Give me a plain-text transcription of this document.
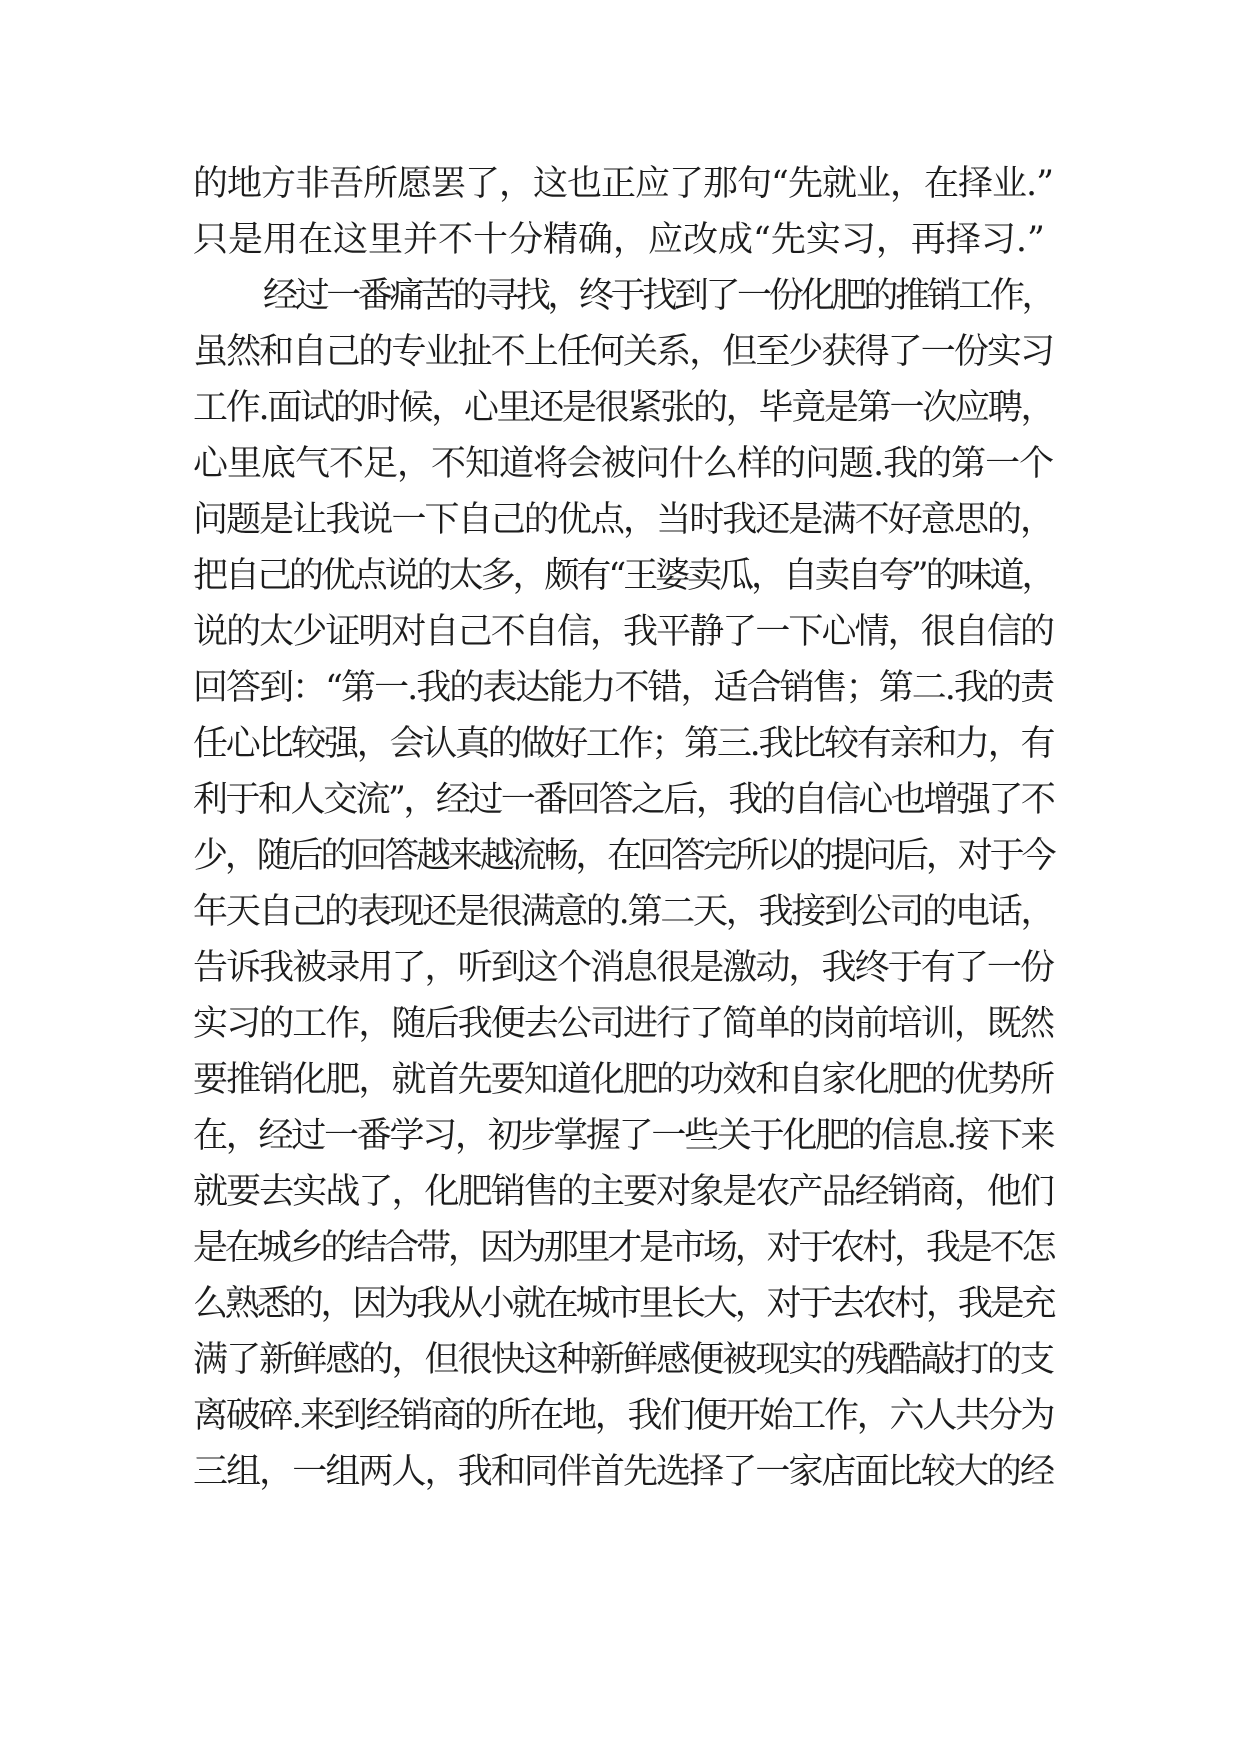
的地方非吾所愿罢了，这也正应了那句“先就业，在择业.”
只是用在这里并不十分精确，应改成“先实习，再择习.”
经过一番痛苦的寻找，终于找到了一份化肥的推销工作，
虽然和自己的专业扯不上任何关系，但至少获得了一份实习
工作.面试的时候，心里还是很紧张的，毕竟是第一次应聘，
心里底气不足，不知道将会被问什么样的问题.我的第一个
问题是让我说一下自己的优点，当时我还是满不好意思的，
把自己的优点说的太多，颇有“王婆卖瓜，自卖自夸”的味道，
说的太少证明对自己不自信，我平静了一下心情，很自信的
回答到：“第一.我的表达能力不错，适合销售；第二.我的责
任心比较强，会认真的做好工作；第三.我比较有亲和力，有
利于和人交流”，经过一番回答之后，我的自信心也增强了不
少，随后的回答越来越流畅，在回答完所以的提问后，对于今
年天自己的表现还是很满意的.第二天，我接到公司的电话，
告诉我被录用了，听到这个消息很是激动，我终于有了一份
实习的工作，随后我便去公司进行了简单的岗前培训，既然
要推销化肥，就首先要知道化肥的功效和自家化肥的优势所
在，经过一番学习，初步掌握了一些关于化肥的信息.接下来
就要去实战了，化肥销售的主要对象是农产品经销商，他们
是在城乡的结合带，因为那里才是市场，对于农村，我是不怎
么熟悉的，因为我从小就在城市里长大，对于去农村，我是充
满了新鲜感的，但很快这种新鲜感便被现实的残酷敲打的支
离破碎.来到经销商的所在地，我们便开始工作，六人共分为
三组，一组两人，我和同伴首先选择了一家店面比较大的经
